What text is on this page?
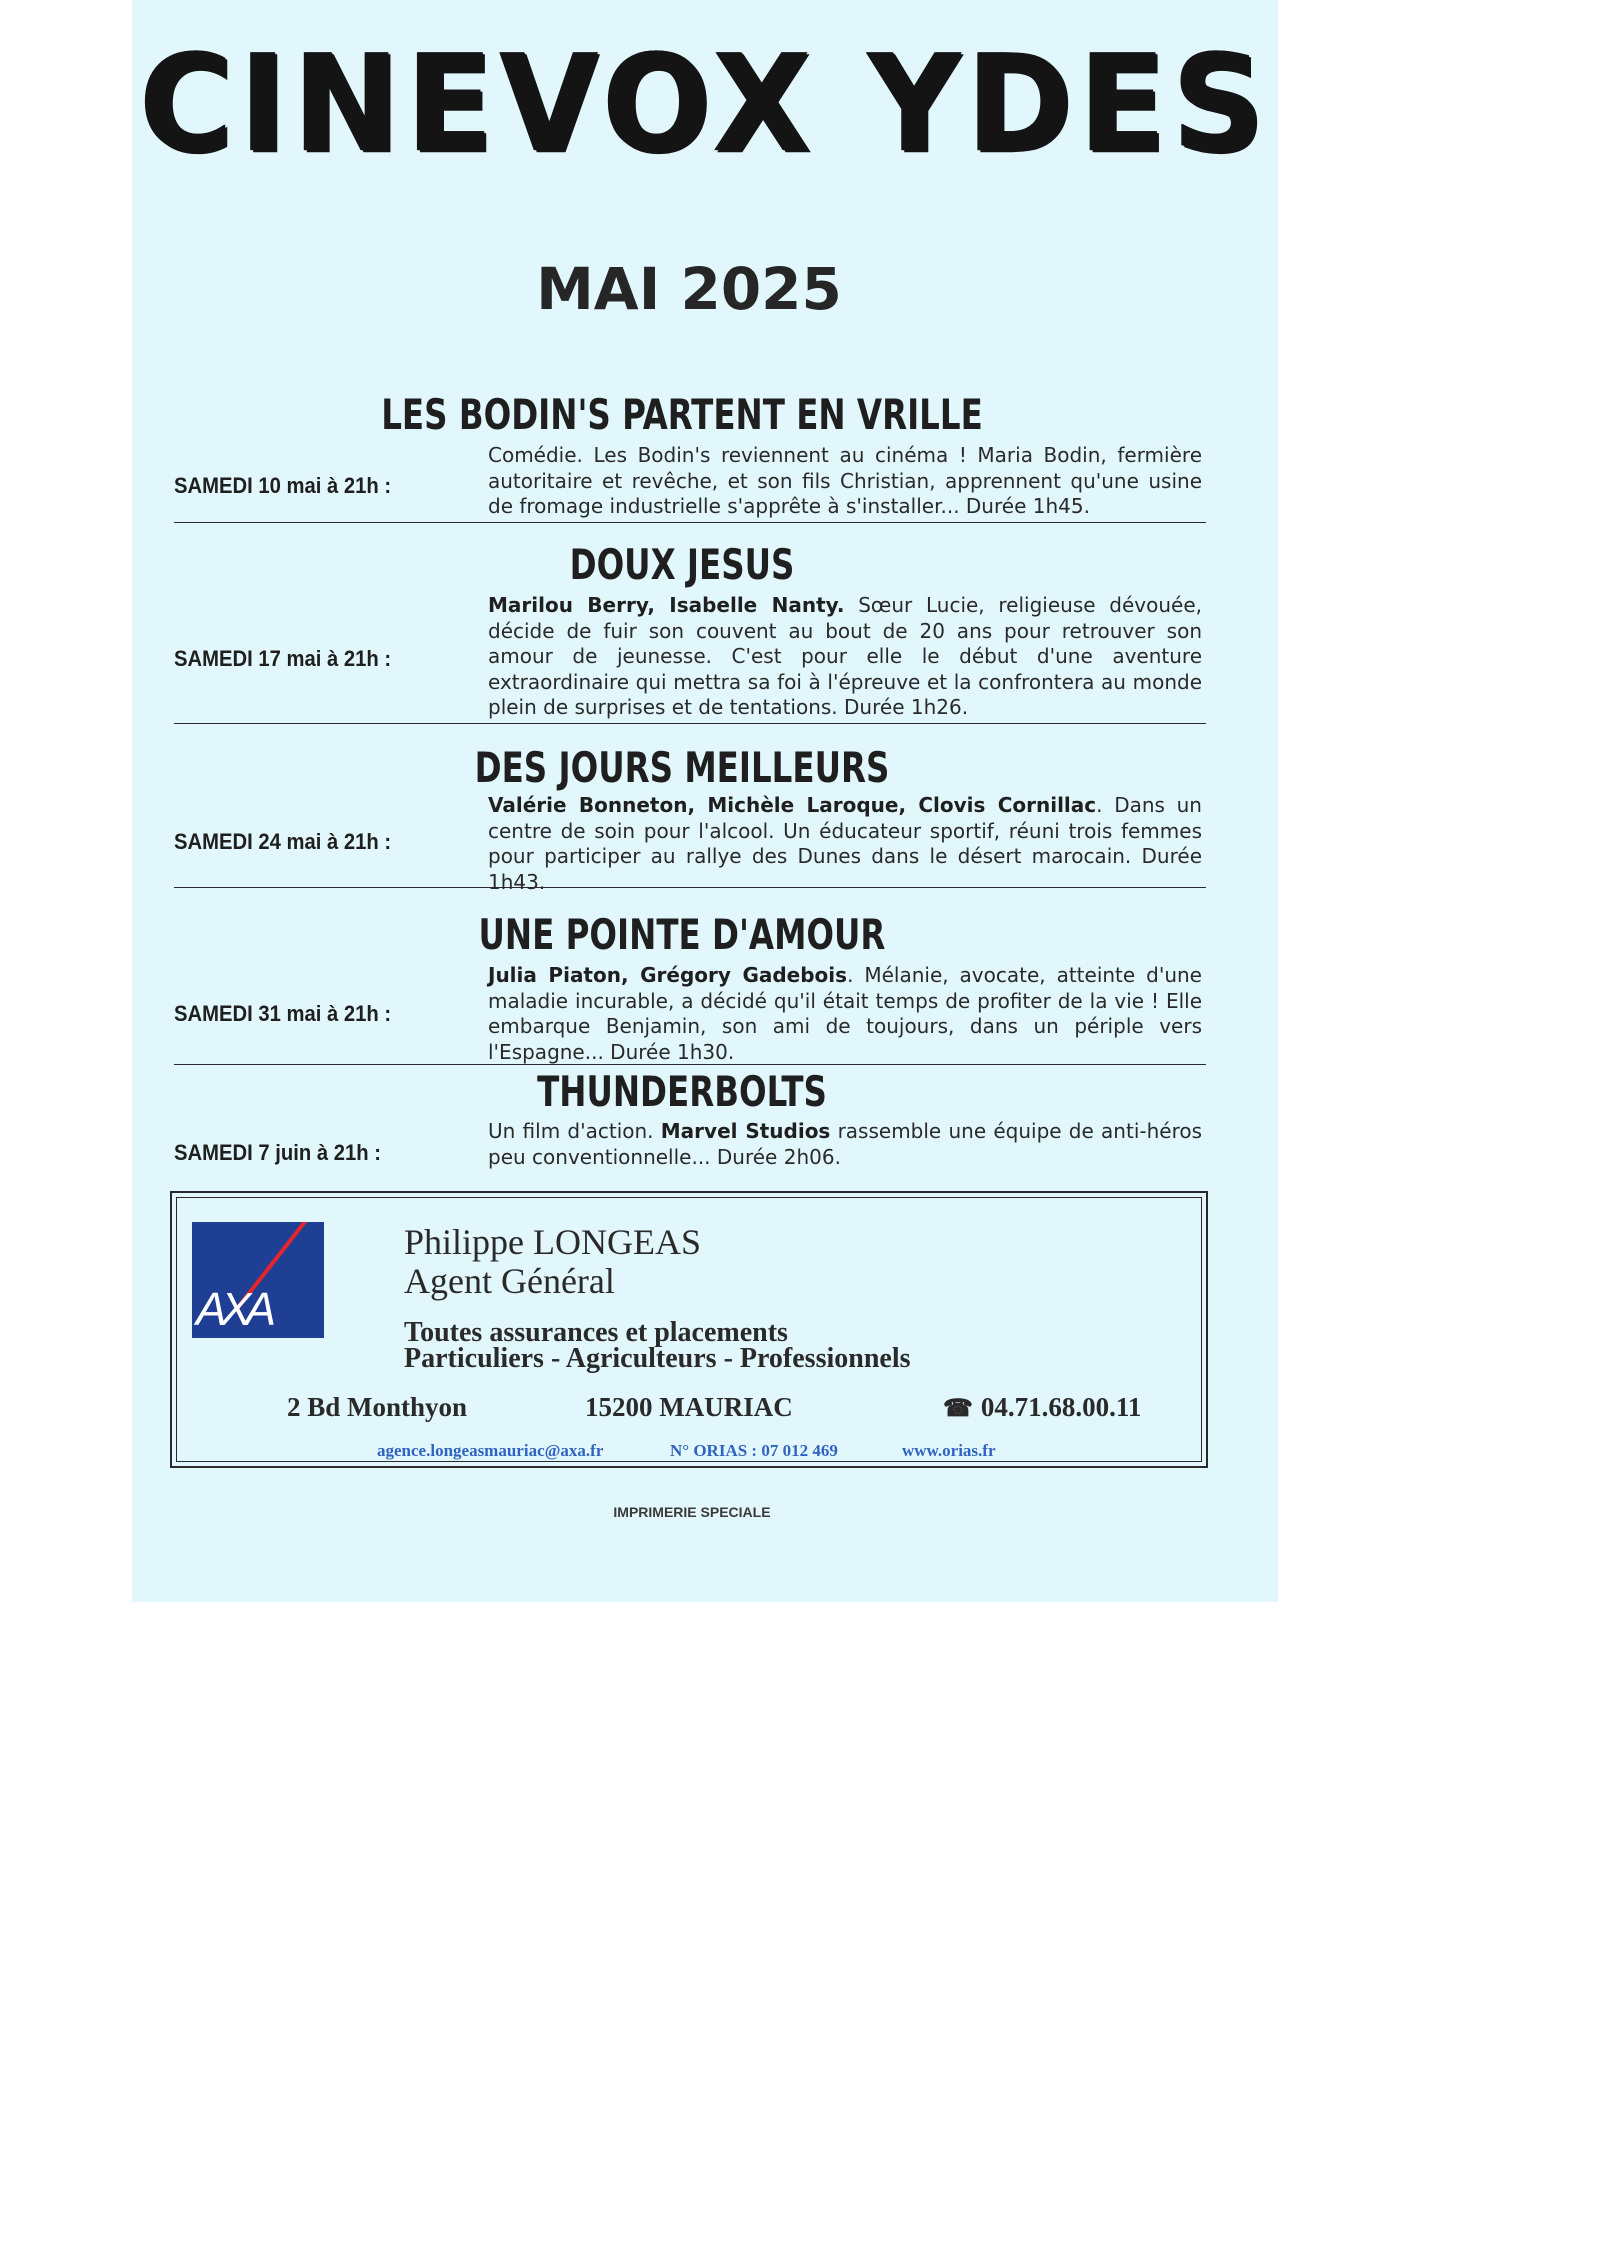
CINEVOX YDES
MAI 2025
LES BODIN'S PARTENT EN VRILLE
SAMEDI 10 mai à 21h :
Comédie. Les Bodin's reviennent au cinéma ! Maria Bodin, fermière autoritaire et revêche, et son fils Christian, apprennent qu'une usine de fromage industrielle s'apprête à s'installer... Durée 1h45.
DOUX JESUS
SAMEDI 17 mai à 21h :
Marilou Berry, Isabelle Nanty. Sœur Lucie, religieuse dévouée, décide de fuir son couvent au bout de 20 ans pour retrouver son amour de jeunesse. C'est pour elle le début d'une aventure extraordinaire qui mettra sa foi à l'épreuve et la confrontera au monde plein de surprises et de tentations. Durée 1h26.
DES JOURS MEILLEURS
SAMEDI 24 mai à 21h :
Valérie Bonneton, Michèle Laroque, Clovis Cornillac. Dans un centre de soin pour l'alcool. Un éducateur sportif, réuni trois femmes pour participer au rallye des Dunes dans le désert marocain. Durée 1h43.
UNE POINTE D'AMOUR
SAMEDI 31 mai à 21h :
Julia Piaton, Grégory Gadebois. Mélanie, avocate, atteinte d'une maladie incurable, a décidé qu'il était temps de profiter de la vie ! Elle embarque Benjamin, son ami de toujours, dans un périple vers l'Espagne... Durée 1h30.
THUNDERBOLTS
SAMEDI 7 juin à 21h :
Un film d'action. Marvel Studios rassemble une équipe de anti-héros peu conventionnelle... Durée 2h06.
AXA
Philippe LONGEAS
Agent Général
Toutes assurances et placements
Particuliers - Agriculteurs - Professionnels
2 Bd Monthyon	15200 MAURIAC	☎ 04.71.68.00.11
agence.longeasmauriac@axa.fr	N° ORIAS : 07 012 469	www.orias.fr
IMPRIMERIE SPECIALE
